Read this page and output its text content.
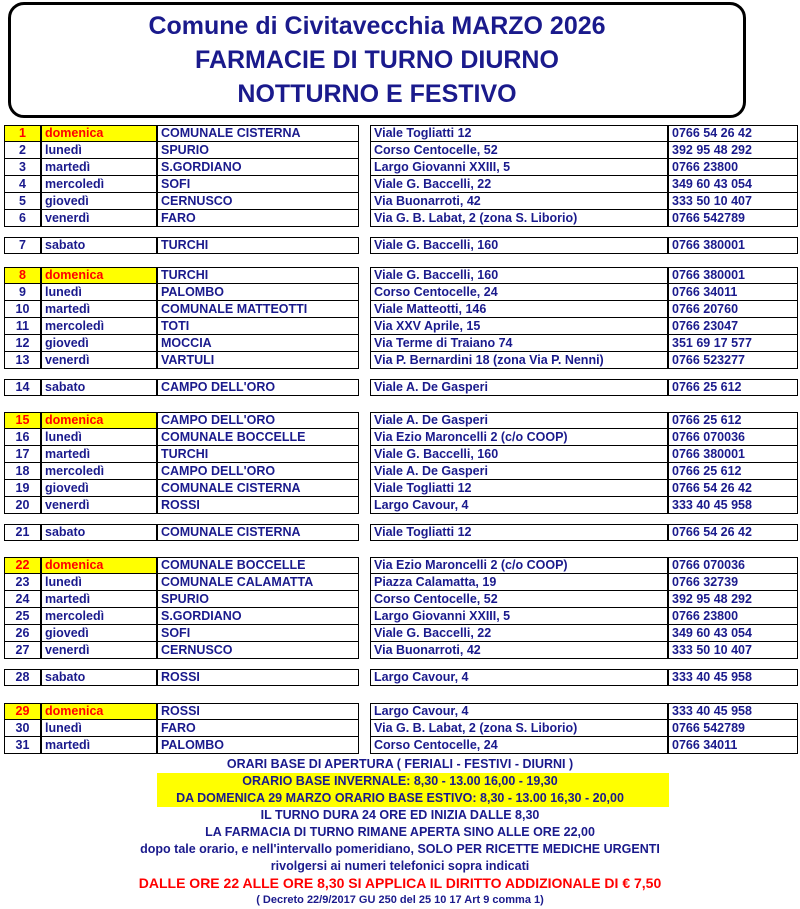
Comune di Civitavecchia MARZO 2026
FARMACIE DI TURNO DIURNO
NOTTURNO E FESTIVO
1	domenica	COMUNALE CISTERNA	Viale Togliatti 12	0766 54 26 42
2	lunedì	SPURIO	Corso Centocelle, 52	392 95 48 292
3	martedì	S.GORDIANO	Largo Giovanni XXIII, 5	0766 23800
4	mercoledì	SOFI	Viale G. Baccelli, 22	349 60 43 054
5	giovedì	CERNUSCO	Via Buonarroti, 42	333 50 10 407
6	venerdì	FARO	Via G. B. Labat, 2 (zona S. Liborio)	0766 542789
7	sabato	TURCHI	Viale G. Baccelli, 160	0766 380001
8	domenica	TURCHI	Viale G. Baccelli, 160	0766 380001
9	lunedì	PALOMBO	Corso Centocelle, 24	0766 34011
10	martedì	COMUNALE MATTEOTTI	Viale Matteotti, 146	0766 20760
11	mercoledì	TOTI	Via XXV Aprile, 15	0766 23047
12	giovedì	MOCCIA	Via Terme di Traiano 74	351 69 17 577
13	venerdì	VARTULI	Via P. Bernardini 18 (zona Via P. Nenni)	0766 523277
14	sabato	CAMPO DELL'ORO	Viale A. De Gasperi	0766 25 612
15	domenica	CAMPO DELL'ORO	Viale A. De Gasperi	0766 25 612
16	lunedì	COMUNALE BOCCELLE	Via Ezio Maroncelli 2 (c/o COOP)	0766 070036
17	martedì	TURCHI	Viale G. Baccelli, 160	0766 380001
18	mercoledì	CAMPO DELL'ORO	Viale A. De Gasperi	0766 25 612
19	giovedì	COMUNALE CISTERNA	Viale Togliatti 12	0766 54 26 42
20	venerdì	ROSSI	Largo Cavour, 4	333 40 45 958
21	sabato	COMUNALE CISTERNA	Viale Togliatti 12	0766 54 26 42
22	domenica	COMUNALE BOCCELLE	Via Ezio Maroncelli 2 (c/o COOP)	0766 070036
23	lunedì	COMUNALE CALAMATTA	Piazza Calamatta, 19	0766 32739
24	martedì	SPURIO	Corso Centocelle, 52	392 95 48 292
25	mercoledì	S.GORDIANO	Largo Giovanni XXIII, 5	0766 23800
26	giovedì	SOFI	Viale G. Baccelli, 22	349 60 43 054
27	venerdì	CERNUSCO	Via Buonarroti, 42	333 50 10 407
28	sabato	ROSSI	Largo Cavour, 4	333 40 45 958
29	domenica	ROSSI	Largo Cavour, 4	333 40 45 958
30	lunedì	FARO	Via G. B. Labat, 2 (zona S. Liborio)	0766 542789
31	martedì	PALOMBO	Corso Centocelle, 24	0766 34011
ORARI BASE DI APERTURA ( FERIALI - FESTIVI - DIURNI )
ORARIO BASE INVERNALE: 8,30 - 13.00 16,00 - 19,30
DA DOMENICA 29 MARZO ORARIO BASE ESTIVO: 8,30 - 13.00 16,30 - 20,00
IL TURNO DURA 24 ORE ED INIZIA DALLE 8,30
LA FARMACIA DI TURNO RIMANE APERTA SINO ALLE ORE 22,00
dopo tale orario, e nell'intervallo pomeridiano, SOLO PER RICETTE MEDICHE URGENTI
rivolgersi ai numeri telefonici sopra indicati
DALLE ORE 22 ALLE ORE 8,30 SI APPLICA IL DIRITTO ADDIZIONALE DI € 7,50
( Decreto 22/9/2017 GU 250 del 25 10 17 Art 9 comma 1)
